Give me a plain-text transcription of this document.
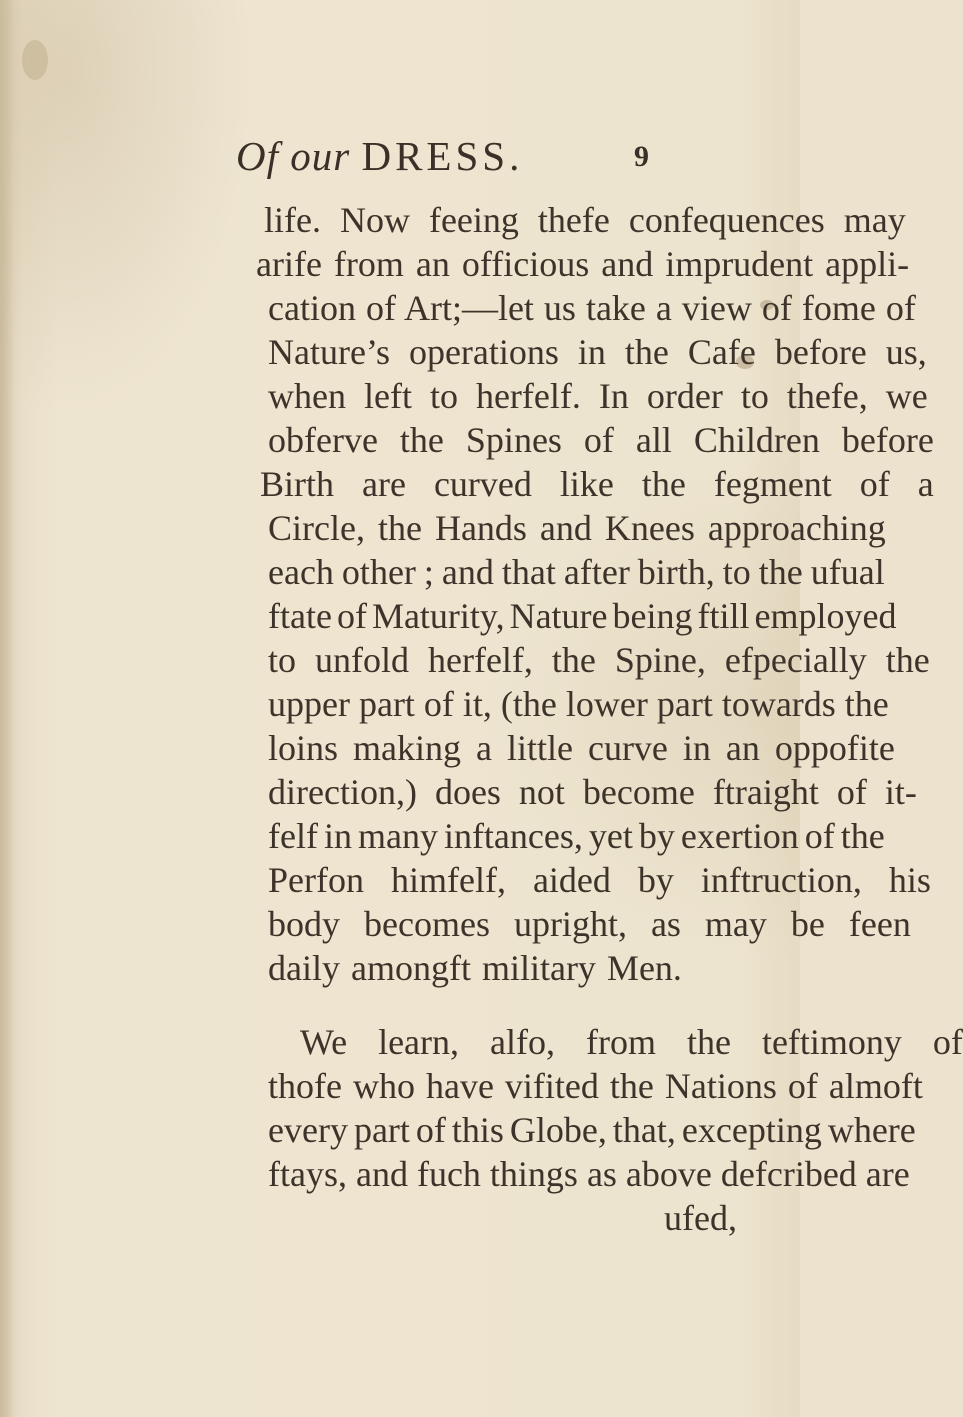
Of our DRESS.	9
life. Now feeing thefe confequences may
arife from an officious and imprudent appli-
cation of Art;—let us take a view of fome of
Nature’s operations in the Cafe before us,
when left to herfelf. In order to thefe, we
obferve the Spines of all Children before
Birth are curved like the fegment of a
Circle, the Hands and Knees approaching
each other ; and that after birth, to the ufual
ftate of Maturity, Nature being ftill employed
to unfold herfelf, the Spine, efpecially the
upper part of it, (the lower part towards the
loins making a little curve in an oppofite
direction,) does not become ftraight of it-
felf in many inftances, yet by exertion of the
Perfon himfelf, aided by inftruction, his
body becomes upright, as may be feen
daily amongft military Men.
We learn, alfo, from the teftimony of
thofe who have vifited the Nations of almoft
every part of this Globe, that, excepting where
ftays, and fuch things as above defcribed are
ufed,
